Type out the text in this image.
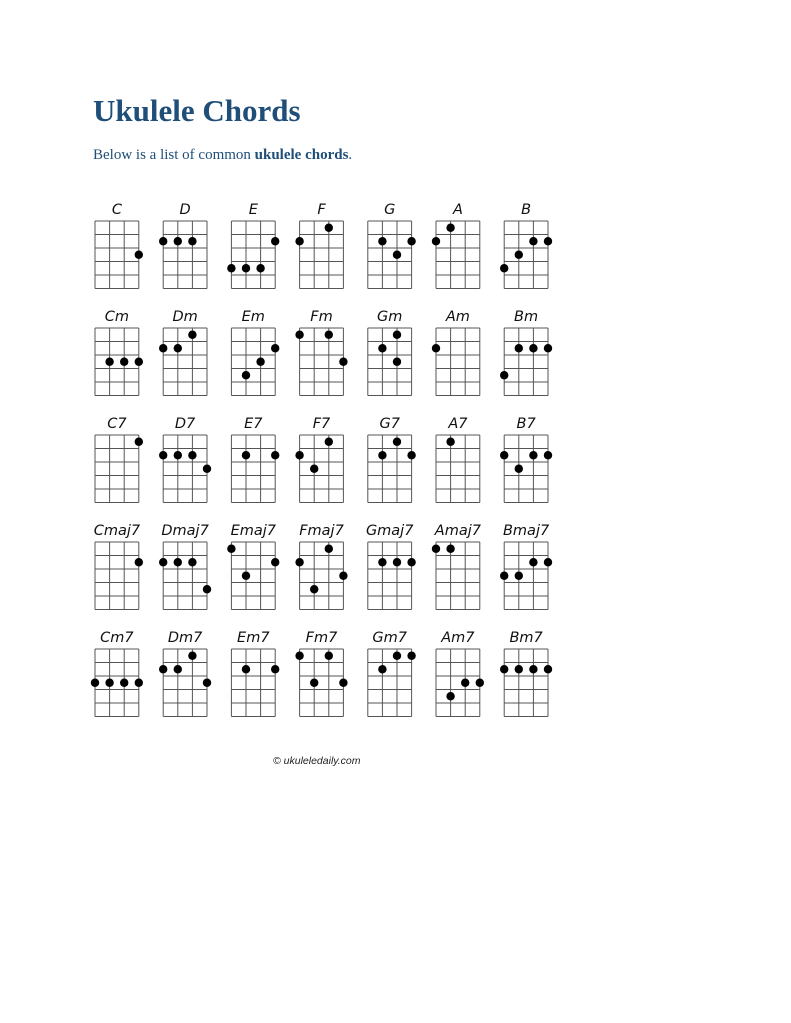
Ukulele Chords

Below is a list of common ukulele chords.

C	D	E	F	G	A	B
Cm	Dm	Em	Fm	Gm	Am	Bm
C7	D7	E7	F7	G7	A7	B7
Cmaj7 Dmaj7 Emaj7 Fmaj7 Gmaj7 Amaj7 Bmaj7
Cm7 Dm7 Em7 Fm7 Gm7 Am7 Bm7
© ukuleledaily.com
